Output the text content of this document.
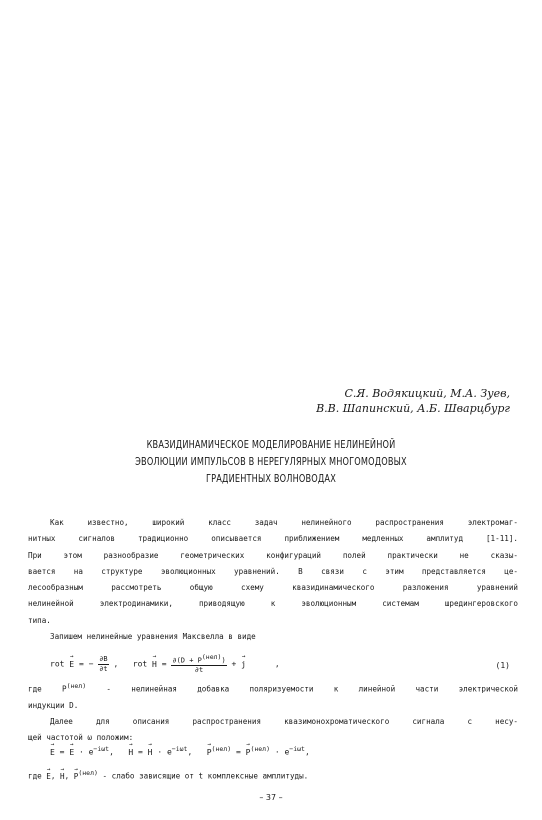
С.Я. Водякицкий, М.А. Зуев,
В.В. Шапинский, А.Б. Шварцбург
КВАЗИДИНАМИЧЕСКОЕ МОДЕЛИРОВАНИЕ НЕЛИНЕЙНОЙ
ЭВОЛЮЦИИ ИМПУЛЬСОВ В НЕРЕГУЛЯРНЫХ МНОГОМОДОВЫХ
ГРАДИЕНТНЫХ ВОЛНОВОДАХ

Как известно, широкий класс задач нелинейного распространения электромаг-

нитных сигналов традиционно описывается приближением медленных амплитуд [1-11].

При этом разнообразие геометрических конфигураций полей практически не сказы-

вается на структуре эволюционных уравнений. В связи с этим представляется це-

лесообразным рассмотреть общую схему квазидинамического разложения уравнений

нелинейной электродинамики, приводящую к эволюционным системам шредингеровского

типа.

Запишем нелинейные уравнения Максвелла в виде

rot → E = − $\frac{\partial B}{\partial t}$ , rot → $H = \frac{\partial(D + P^{(нел)})}{\partial t}$ + → j	,	(1)

где $P^{(нел)}$ - нелинейная добавка поляризуемости к линейной части электрической

индукции D.

Далее для описания распространения квазимонохроматического сигнала с несу-

щей частотой ω положим:

→ E = → $E \cdot e^{-i\omega t}$, → H = → $H \cdot e^{-i\omega t}$, → $P^{(нел)}$ = → $P^{(нел)} \cdot e^{-i\omega t}$,

где → E, → H, → $P^{(нел)}$ - слабо зависящие от t комплексные амплитуды.

– 37 –
